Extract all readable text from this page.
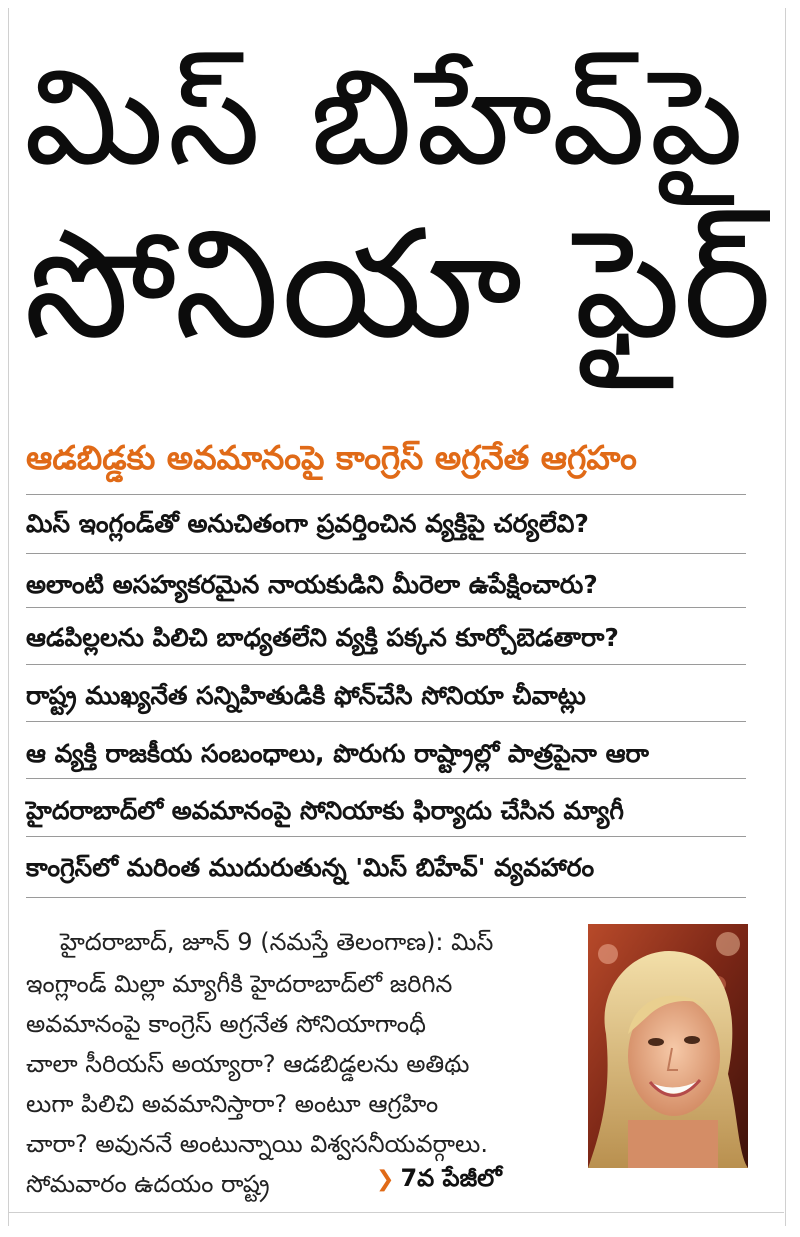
మిస్ బిహేవ్‌పై
సోనియా ఫైర్
ఆడబిడ్డకు అవమానంపై కాంగ్రెస్ అగ్రనేత ఆగ్రహం
మిస్ ఇంగ్లండ్‌తో అనుచితంగా ప్రవర్తించిన వ్యక్తిపై చర్యలేవి?
అలాంటి అసహ్యకరమైన నాయకుడిని మీరెలా ఉపేక్షించారు?
ఆడపిల్లలను పిలిచి బాధ్యతలేని వ్యక్తి పక్కన కూర్చోబెడతారా?
రాష్ట్ర ముఖ్యనేత సన్నిహితుడికి ఫోన్‌చేసి సోనియా చీవాట్లు
ఆ వ్యక్తి రాజకీయ సంబంధాలు, పొరుగు రాష్ట్రాల్లో పాత్రపైనా ఆరా
హైదరాబాద్‌లో అవమానంపై సోనియాకు ఫిర్యాదు చేసిన మ్యాగీ
కాంగ్రెస్‌లో మరింత ముదురుతున్న 'మిస్ బిహేవ్' వ్యవహారం
హైదరాబాద్, జూన్ 9 (నమస్తే తెలంగాణ): మిస్
ఇంగ్లాండ్ మిల్లా మ్యాగీకి హైదరాబాద్‌లో జరిగిన
అవమానంపై కాంగ్రెస్ అగ్రనేత సోనియాగాంధీ
చాలా సీరియస్ అయ్యారా? ఆడబిడ్డలను అతిథు
లుగా పిలిచి అవమానిస్తారా? అంటూ ఆగ్రహిం
చారా? అవుననే అంటున్నాయి విశ్వసనీయవర్గాలు.
సోమవారం ఉదయం రాష్ట్ర	❯ 7వ పేజీలో
